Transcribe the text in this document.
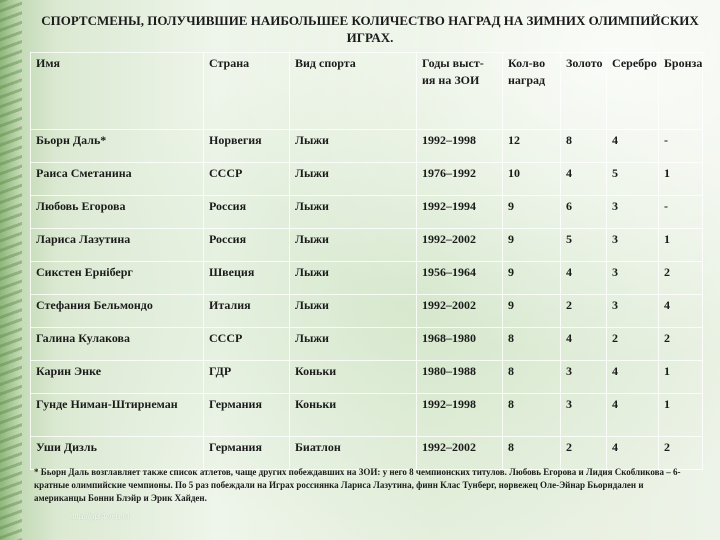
СПОРТСМЕНЫ, ПОЛУЧИВШИЕ НАИБОЛЬШЕЕ КОЛИЧЕСТВО НАГРАД НА ЗИМНИХ ОЛИМПИЙСКИХ ИГРАХ.
Имя	Страна	Вид спорта	Годы выст-ия на ЗОИ	Кол-во наград	Золото	Серебро	Бронза
Бьорн Даль*	Норвегия	Лыжи	1992–1998	12	8	4	-
Раиса Сметанина	СССР	Лыжи	1976–1992	10	4	5	1
Любовь Егорова	Россия	Лыжи	1992–1994	9	6	3	-
Лариса Лазутина	Россия	Лыжи	1992–2002	9	5	3	1
Сикстен Ерніберг	Швеция	Лыжи	1956–1964	9	4	3	2
Стефания Бельмондо	Италия	Лыжи	1992–2002	9	2	3	4
Галина Кулакова	СССР	Лыжи	1968–1980	8	4	2	2
Карин Энке	ГДР	Коньки	1980–1988	8	3	4	1
Гунде Ниман-Штирнеман	Германия	Коньки	1992–1998	8	3	4	1
Уши Дизль	Германия	Биатлон	1992–2002	8	2	4	2
* Бьорн Даль возглавляет также список атлетов, чаще других побеждавших на ЗОИ: у него 8 чемпионских титулов. Любовь Егорова и Лидия Скобликова – 6-кратные олимпийские чемпионы. По 5 раз побеждали на Играх россиянка Лариса Лазутина, финн Клас Тунберг, норвежец Оле-Эйнар Бьорндален и американцы Бонни Блэйр и Эрик Хайден.
http://ppt4web.ru
